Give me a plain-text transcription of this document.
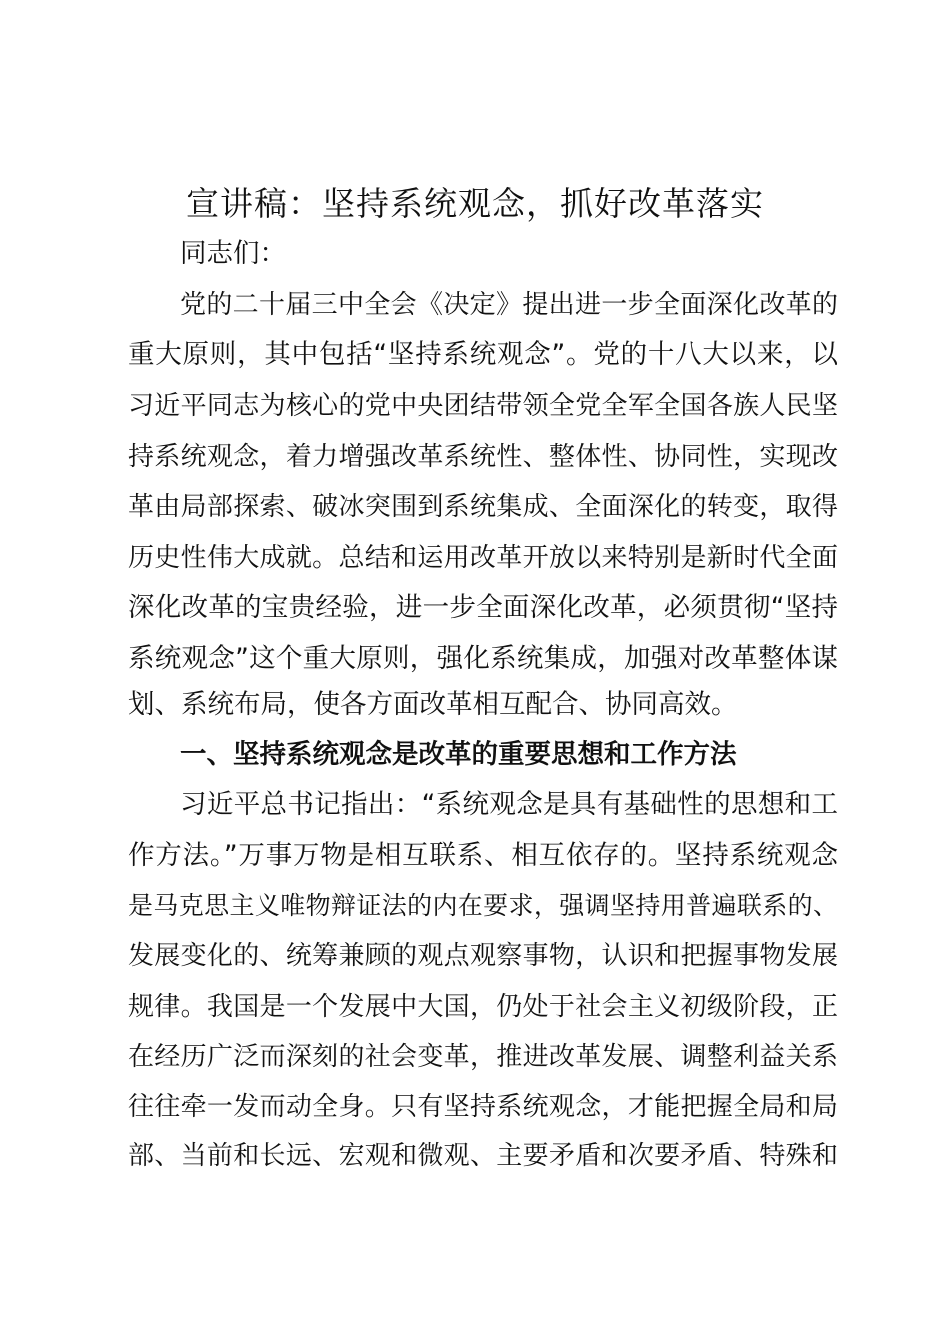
宣讲稿：坚持系统观念，抓好改革落实

同志们：

党的二十届三中全会《决定》提出进一步全面深化改革的

重大原则，其中包括“坚持系统观念”。党的十八大以来，以

习近平同志为核心的党中央团结带领全党全军全国各族人民坚

持系统观念，着力增强改革系统性、整体性、协同性，实现改

革由局部探索、破冰突围到系统集成、全面深化的转变，取得

历史性伟大成就。总结和运用改革开放以来特别是新时代全面

深化改革的宝贵经验，进一步全面深化改革，必须贯彻“坚持

系统观念”这个重大原则，强化系统集成，加强对改革整体谋

划、系统布局，使各方面改革相互配合、协同高效。

一、坚持系统观念是改革的重要思想和工作方法

习近平总书记指出：“系统观念是具有基础性的思想和工

作方法。”万事万物是相互联系、相互依存的。坚持系统观念

是马克思主义唯物辩证法的内在要求，强调坚持用普遍联系的、

发展变化的、统筹兼顾的观点观察事物，认识和把握事物发展

规律。我国是一个发展中大国，仍处于社会主义初级阶段，正

在经历广泛而深刻的社会变革，推进改革发展、调整利益关系

往往牵一发而动全身。只有坚持系统观念，才能把握全局和局

部、当前和长远、宏观和微观、主要矛盾和次要矛盾、特殊和
